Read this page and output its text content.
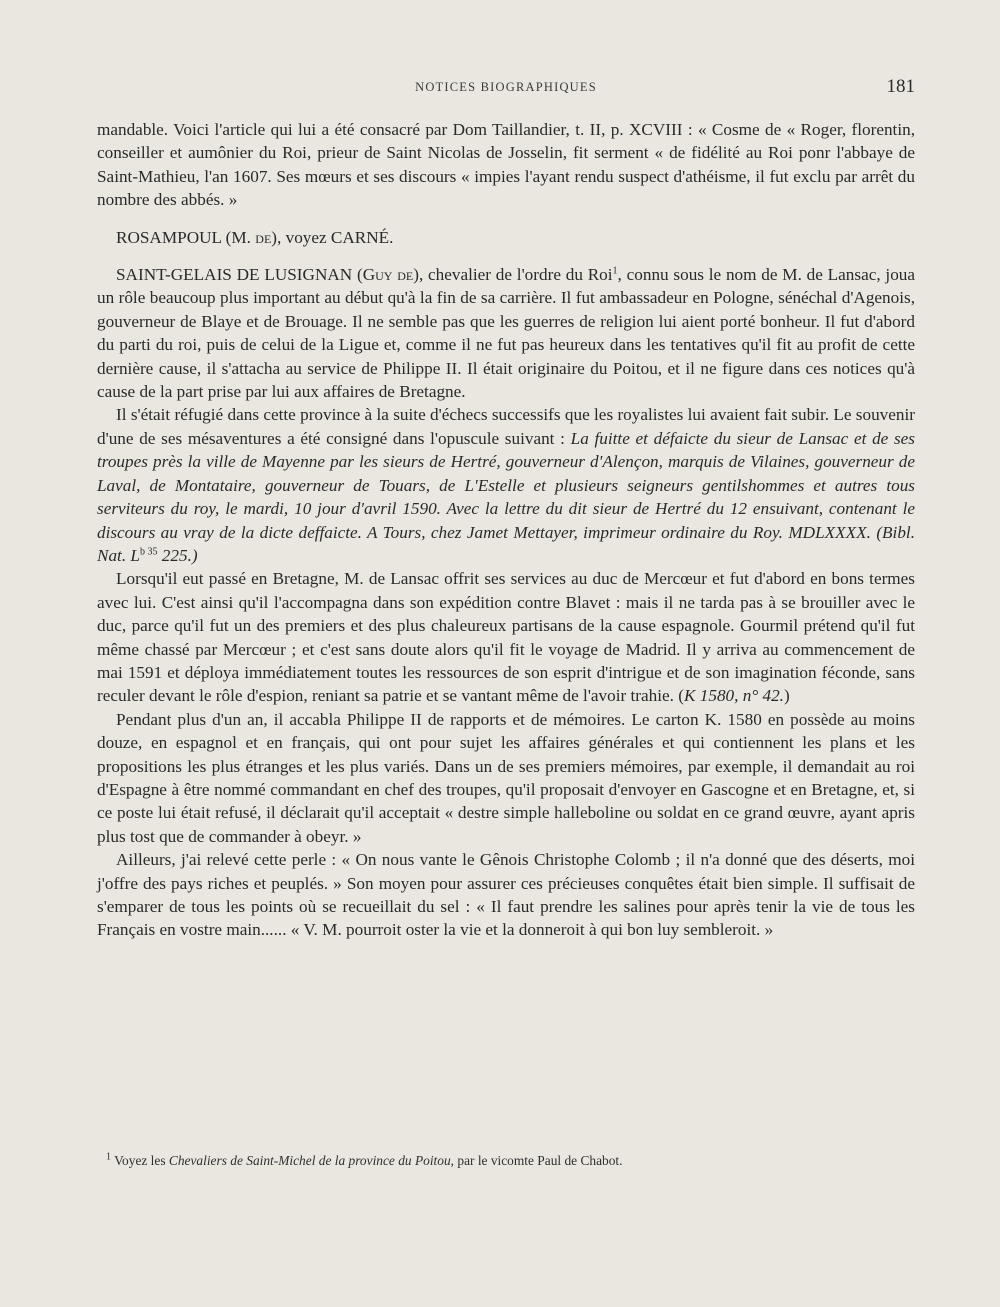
NOTICES BIOGRAPHIQUES	181

mandable. Voici l'article qui lui a été consacré par Dom Taillandier, t. II, p. XCVIII : « Cosme de « Roger, florentin, conseiller et aumônier du Roi, prieur de Saint Nicolas de Josselin, fit serment « de fidélité au Roi ponr l'abbaye de Saint-Mathieu, l'an 1607. Ses mœurs et ses discours « impies l'ayant rendu suspect d'athéisme, il fut exclu par arrêt du nombre des abbés. »

ROSAMPOUL (M. de), voyez CARNÉ.

SAINT-GELAIS DE LUSIGNAN (Guy de), chevalier de l'ordre du Roi$^1$, connu sous le nom de M. de Lansac, joua un rôle beaucoup plus important au début qu'à la fin de sa carrière. Il fut ambassadeur en Pologne, sénéchal d'Agenois, gouverneur de Blaye et de Brouage. Il ne semble pas que les guerres de religion lui aient porté bonheur. Il fut d'abord du parti du roi, puis de celui de la Ligue et, comme il ne fut pas heureux dans les tentatives qu'il fit au profit de cette dernière cause, il s'attacha au service de Philippe II. Il était originaire du Poitou, et il ne figure dans ces notices qu'à cause de la part prise par lui aux affaires de Bretagne.

Il s'était réfugié dans cette province à la suite d'échecs successifs que les royalistes lui avaient fait subir. Le souvenir d'une de ses mésaventures a été consigné dans l'opuscule suivant : La fuitte et défaicte du sieur de Lansac et de ses troupes près la ville de Mayenne par les sieurs de Hertré, gouverneur d'Alençon, marquis de Vilaines, gouverneur de Laval, de Montataire, gouverneur de Touars, de L'Estelle et plusieurs seigneurs gentilshommes et autres tous serviteurs du roy, le mardi, 10 jour d'avril 1590. Avec la lettre du dit sieur de Hertré du 12 ensuivant, contenant le discours au vray de la dicte deffaicte. A Tours, chez Jamet Mettayer, imprimeur ordinaire du Roy. MDLXXXX. (Bibl. Nat. $L^b$ $^{35}$ 225.)

Lorsqu'il eut passé en Bretagne, M. de Lansac offrit ses services au duc de Mercœur et fut d'abord en bons termes avec lui. C'est ainsi qu'il l'accompagna dans son expédition contre Blavet : mais il ne tarda pas à se brouiller avec le duc, parce qu'il fut un des premiers et des plus chaleureux partisans de la cause espagnole. Gourmil prétend qu'il fut même chassé par Mercœur ; et c'est sans doute alors qu'il fit le voyage de Madrid. Il y arriva au commencement de mai 1591 et déploya immédiatement toutes les ressources de son esprit d'intrigue et de son imagination féconde, sans reculer devant le rôle d'espion, reniant sa patrie et se vantant même de l'avoir trahie. (K 1580, n° 42.)

Pendant plus d'un an, il accabla Philippe II de rapports et de mémoires. Le carton K. 1580 en possède au moins douze, en espagnol et en français, qui ont pour sujet les affaires générales et qui contiennent les plans et les propositions les plus étranges et les plus variés. Dans un de ses premiers mémoires, par exemple, il demandait au roi d'Espagne à être nommé commandant en chef des troupes, qu'il proposait d'envoyer en Gascogne et en Bretagne, et, si ce poste lui était refusé, il déclarait qu'il acceptait « destre simple halleboline ou soldat en ce grand œuvre, ayant apris plus tost que de commander à obeyr. »

Ailleurs, j'ai relevé cette perle : « On nous vante le Gênois Christophe Colomb ; il n'a donné que des déserts, moi j'offre des pays riches et peuplés. » Son moyen pour assurer ces précieuses conquêtes était bien simple. Il suffisait de s'emparer de tous les points où se recueillait du sel : « Il faut prendre les salines pour après tenir la vie de tous les Français en vostre main...... « V. M. pourroit oster la vie et la donneroit à qui bon luy sembleroit. »

$^1$ Voyez les Chevaliers de Saint-Michel de la province du Poitou, par le vicomte Paul de Chabot.
